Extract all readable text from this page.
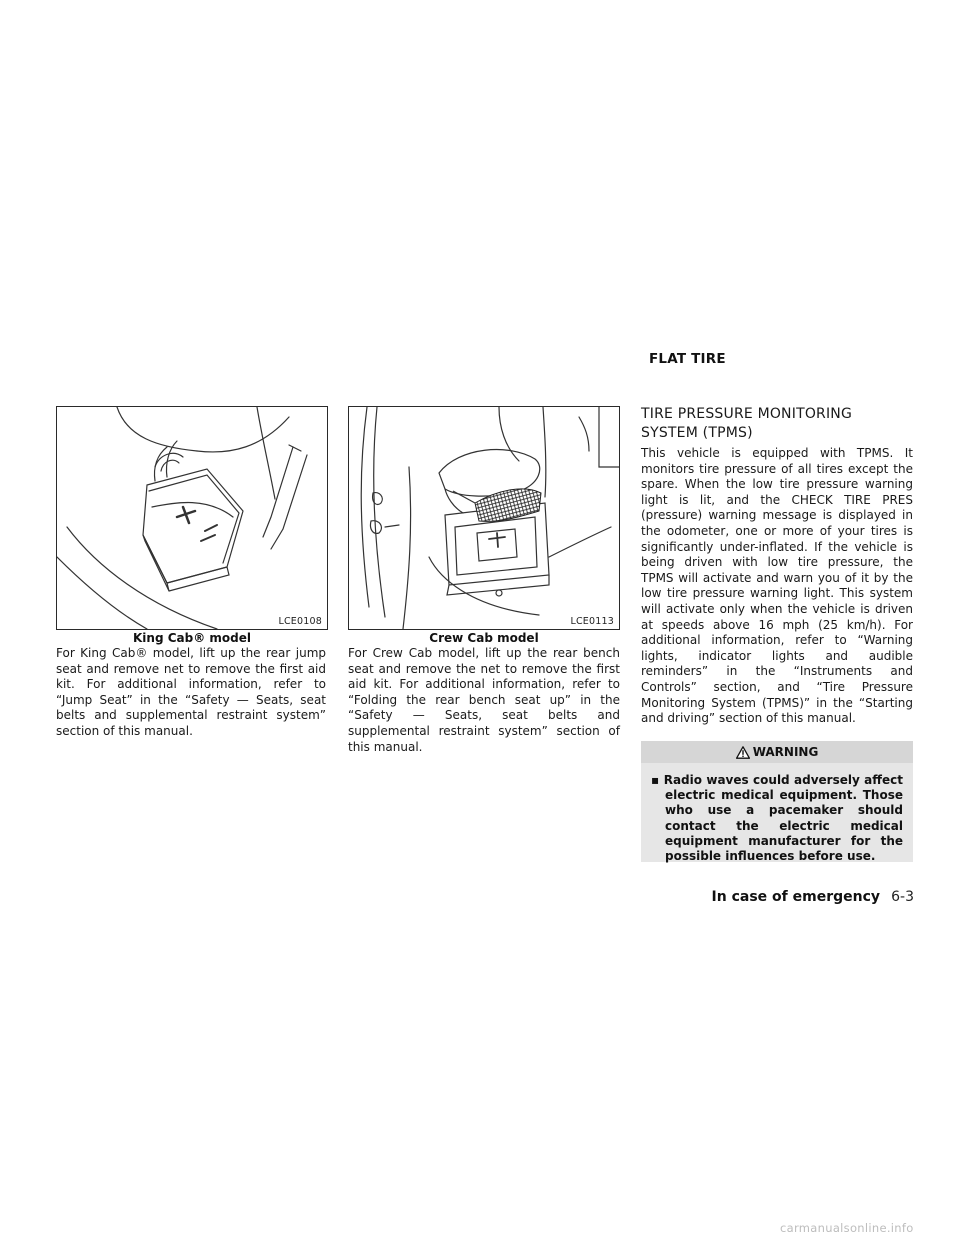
FLAT TIRE
LCE0108
King Cab® model
LCE0113
Crew Cab model

For King Cab® model, lift up the rear jump seat and remove net to remove the first aid kit. For additional information, refer to “Jump Seat” in the “Safety — Seats, seat belts and supplemental restraint system” section of this manual.

For Crew Cab model, lift up the rear bench seat and remove the net to remove the first aid kit. For additional information, refer to “Folding the rear bench seat up” in the “Safety — Seats, seat belts and supplemental restraint system” section of this manual.

TIRE PRESSURE MONITORING
SYSTEM (TPMS)

This vehicle is equipped with TPMS. It monitors tire pressure of all tires except the spare. When the low tire pressure warning light is lit, and the CHECK TIRE PRES (pressure) warning message is displayed in the odometer, one or more of your tires is significantly under-inflated. If the vehicle is being driven with low tire pressure, the TPMS will activate and warn you of it by the low tire pressure warning light. This system will activate only when the vehicle is driven at speeds above 16 mph (25 km/h). For additional information, refer to “Warning lights, indicator lights and audible reminders” in the “Instruments and Controls” section, and “Tire Pressure Monitoring System (TPMS)” in the “Starting and driving” section of this manual.

WARNING
▪ Radio waves could adversely affect electric medical equipment. Those who use a pacemaker should contact the electric medical equipment manufacturer for the possible influences before use.
In case of emergency 6-3
carmanualsonline.info
